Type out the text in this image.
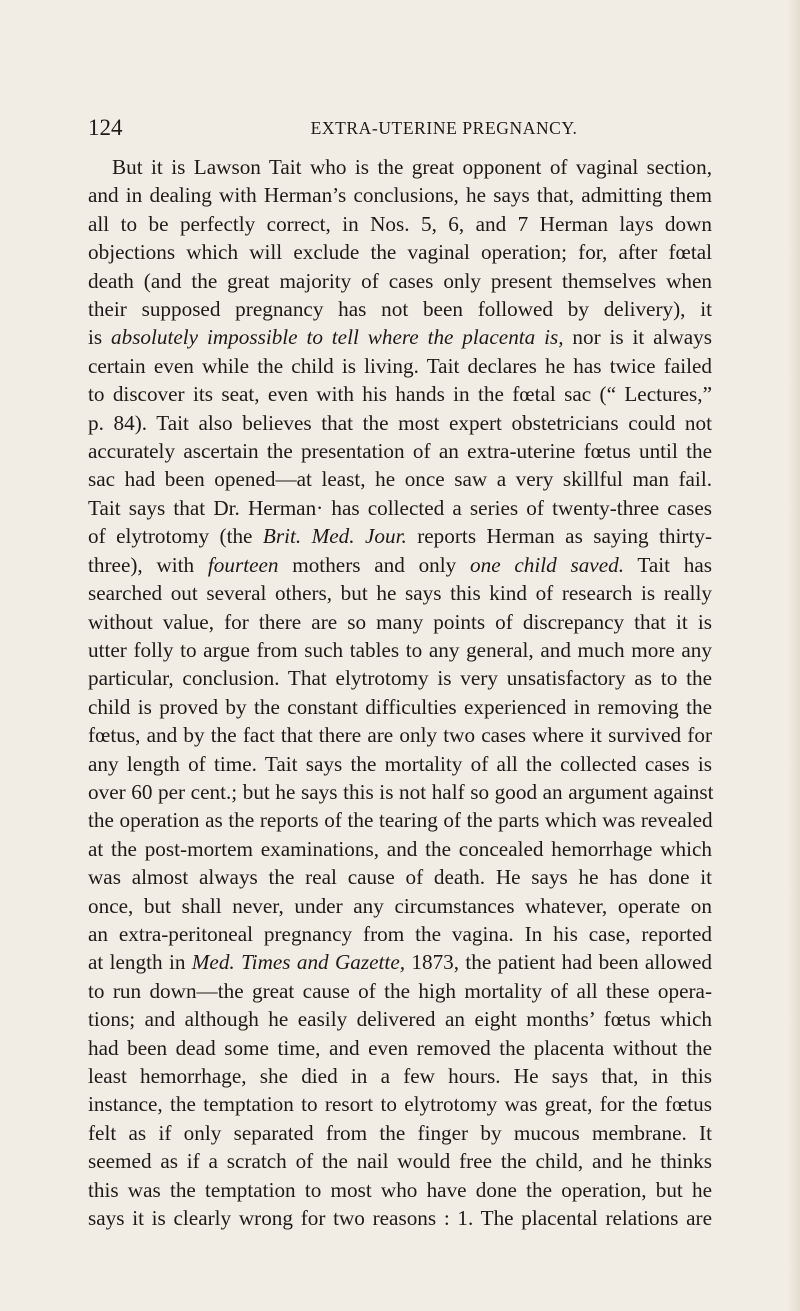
124	EXTRA-UTERINE PREGNANCY.
But it is Lawson Tait who is the great opponent of vaginal section,
and in dealing with Herman’s conclusions, he says that, admitting them
all to be perfectly correct, in Nos. 5, 6, and 7 Herman lays down
objections which will exclude the vaginal operation; for, after fœtal
death (and the great majority of cases only present themselves when
their supposed pregnancy has not been followed by delivery), it
is absolutely impossible to tell where the placenta is, nor is it always
certain even while the child is living. Tait declares he has twice failed
to discover its seat, even with his hands in the fœtal sac (“ Lectures,”
p. 84). Tait also believes that the most expert obstetricians could not
accurately ascertain the presentation of an extra-uterine fœtus until the
sac had been opened—at least, he once saw a very skillful man fail.
Tait says that Dr. Herman· has collected a series of twenty-three cases
of elytrotomy (the Brit. Med. Jour. reports Herman as saying thirty-
three), with fourteen mothers and only one child saved. Tait has
searched out several others, but he says this kind of research is really
without value, for there are so many points of discrepancy that it is
utter folly to argue from such tables to any general, and much more any
particular, conclusion. That elytrotomy is very unsatisfactory as to the
child is proved by the constant difficulties experienced in removing the
fœtus, and by the fact that there are only two cases where it survived for
any length of time. Tait says the mortality of all the collected cases is
over 60 per cent.; but he says this is not half so good an argument against
the operation as the reports of the tearing of the parts which was revealed
at the post-mortem examinations, and the concealed hemorrhage which
was almost always the real cause of death. He says he has done it
once, but shall never, under any circumstances whatever, operate on
an extra-peritoneal pregnancy from the vagina. In his case, reported
at length in Med. Times and Gazette, 1873, the patient had been allowed
to run down—the great cause of the high mortality of all these opera-
tions; and although he easily delivered an eight months’ fœtus which
had been dead some time, and even removed the placenta without the
least hemorrhage, she died in a few hours. He says that, in this
instance, the temptation to resort to elytrotomy was great, for the fœtus
felt as if only separated from the finger by mucous membrane. It
seemed as if a scratch of the nail would free the child, and he thinks
this was the temptation to most who have done the operation, but he
says it is clearly wrong for two reasons : 1. The placental relations are
